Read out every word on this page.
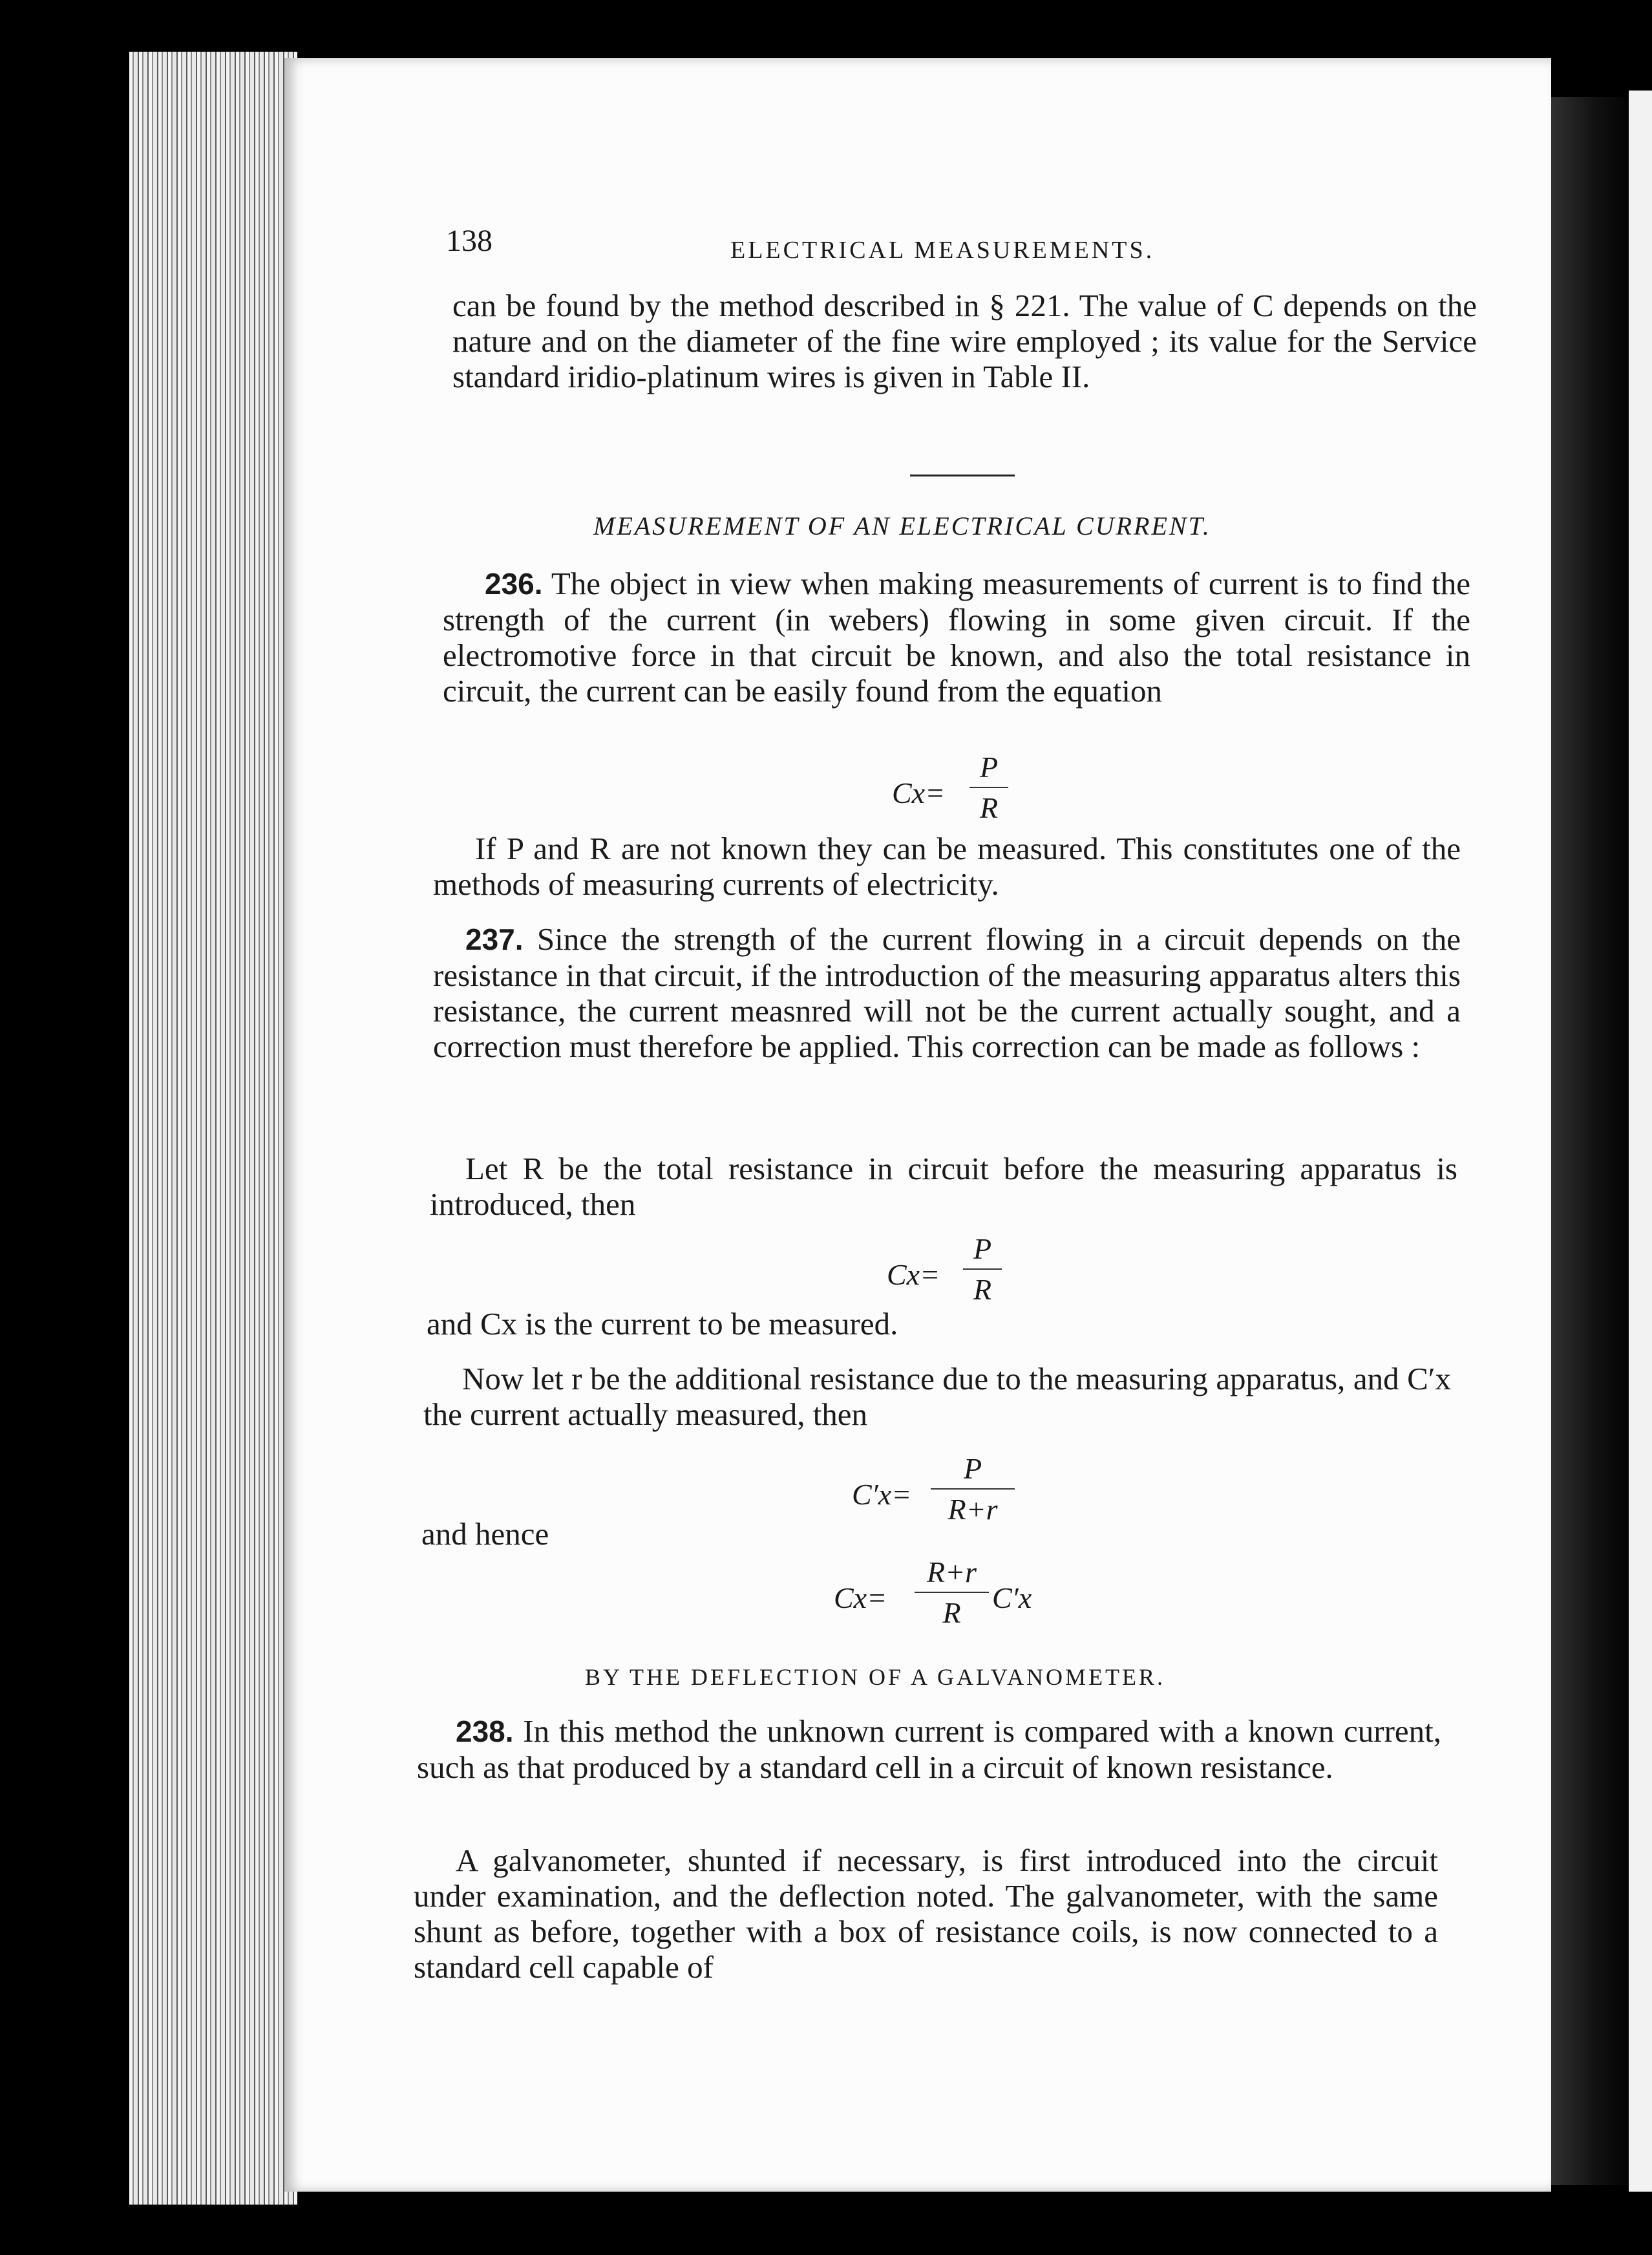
138	ELECTRICAL MEASUREMENTS.
can be found by the method described in § 221. The value of C depends on the nature and on the diameter of the fine wire employed ; its value for the Service standard iridio-platinum wires is given in Table II.
MEASUREMENT OF AN ELECTRICAL CURRENT.
236. The object in view when making measurements of current is to find the strength of the current (in webers) flowing in some given circuit. If the electromotive force in that circuit be known, and also the total resistance in circuit, the current can be easily found from the equation
Cx=
P
R
If P and R are not known they can be measured. This constitutes one of the methods of measuring currents of electricity.
237. Since the strength of the current flowing in a circuit depends on the resistance in that circuit, if the introduction of the measuring apparatus alters this resistance, the current measnred will not be the current actually sought, and a correction must therefore be applied. This correction can be made as follows :
Let R be the total resistance in circuit before the measuring apparatus is introduced, then
Cx=
P
R
and Cx is the current to be measured.
Now let r be the additional resistance due to the measuring apparatus, and C′x the current actually measured, then
C′x=
P
R+r
and hence
Cx=
R+r
R	C′x
BY THE DEFLECTION OF A GALVANOMETER.
238. In this method the unknown current is compared with a known current, such as that produced by a standard cell in a circuit of known resistance.
A galvanometer, shunted if necessary, is first introduced into the circuit under examination, and the deflection noted. The galvanometer, with the same shunt as before, together with a box of resistance coils, is now connected to a standard cell capable of
